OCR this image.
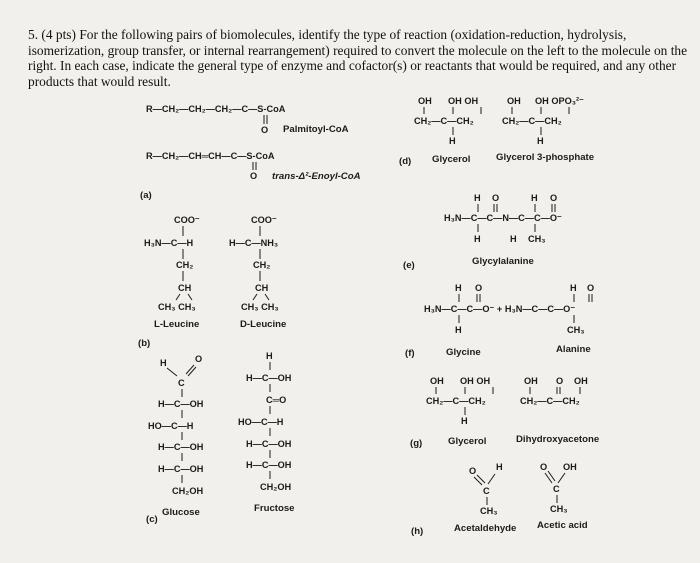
5. (4 pts) For the following pairs of biomolecules, identify the type of reaction (oxidation-reduction, hydrolysis, isomerization, group transfer, or internal rearrangement) required to convert the molecule on the left to the molecule on the right. In each case, indicate the general type of enzyme and cofactor(s) or reactants that would be required, and any other products that would result.
R—CH₂—CH₂—CH₂—C—S-CoA
O Palmitoyl-CoA
R—CH₂—CH═CH—C—S-CoA
O trans-Δ²-Enoyl-CoA
(a)
COO⁻
H₃N—C—H
CH₂
CH
CH₃ CH₃
L-Leucine
COO⁻
H—C—NH₃
CH₂
CH
CH₃ CH₃
D-Leucine
(b)
H	O
C
H—C—OH
HO—C—H
H—C—OH
H—C—OH
CH₂OH
Glucose
H
H—C—OH
C═O
HO—C—H
H—C—OH
H—C—OH
CH₂OH
Fructose
(c)
OH OH OH
CH₂—C—CH₂
H
Glycerol
(d)
OH OH OPO₃²⁻
CH₂—C—CH₂
H
Glycerol 3-phosphate
H O	H O
H₃N—C—C—N—C—C—O⁻
H	H CH₃
Glycylalanine
(e)
H O	H O
H₃N—C—C—O⁻ + H₃N—C—C—O⁻
H	CH₃
Glycine	Alanine
(f)
OH OH OH
CH₂—C—CH₂
H
Glycerol
(g)
OH O OH
CH₂—C—CH₂
Dihydroxyacetone
O H
C
CH₃
Acetaldehyde
O OH
C
CH₃
Acetic acid
(h)
